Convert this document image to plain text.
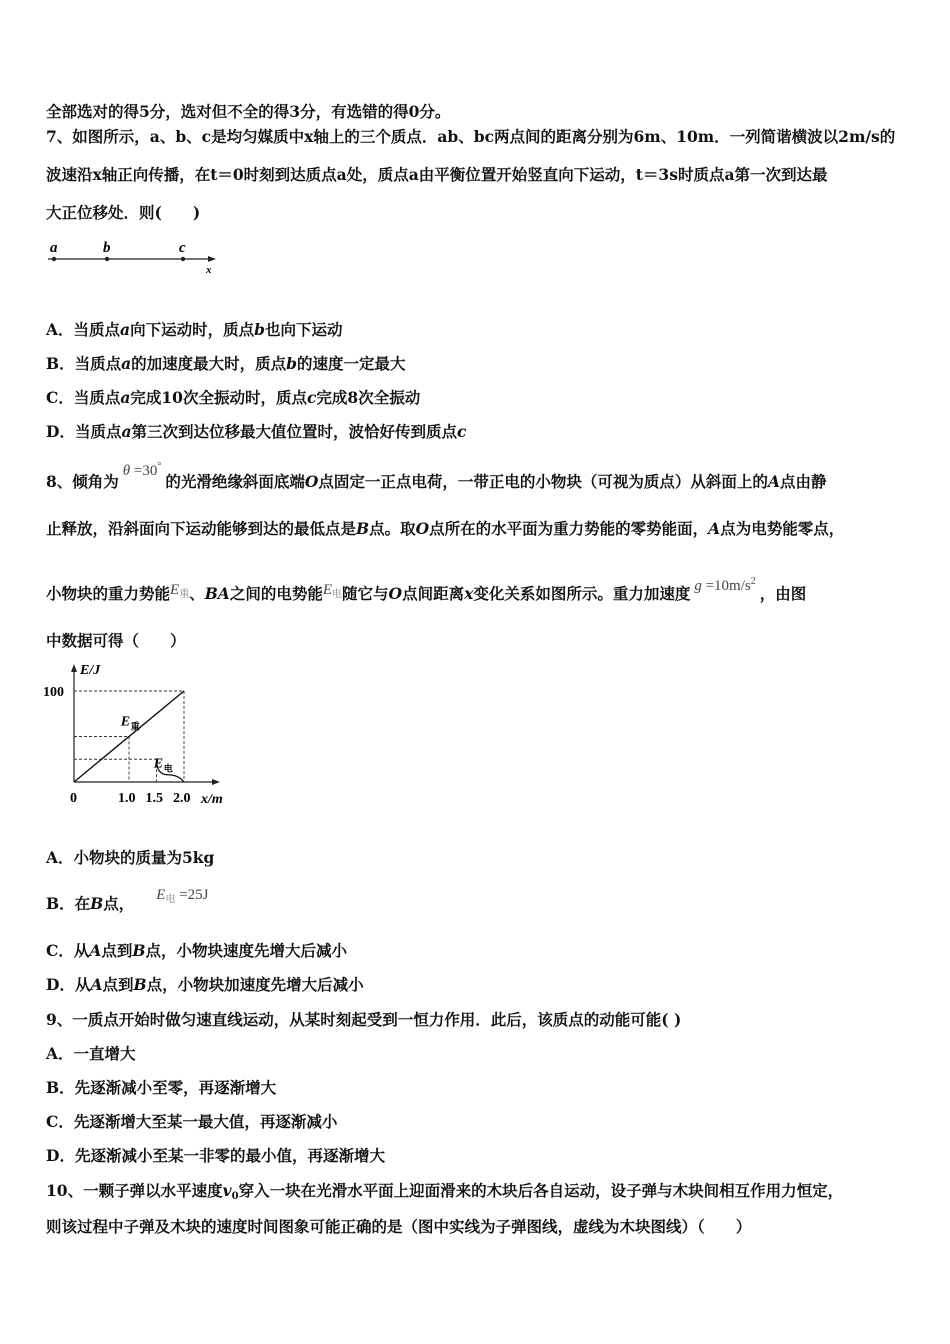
全部选对的得5分，选对但不全的得3分，有选错的得0分。
7、如图所示，a、b、c是均匀媒质中x轴上的三个质点．ab、bc两点间的距离分别为6m、10m．一列简谐横波以2m/s的
波速沿x轴正向传播，在t＝0时刻到达质点a处，质点a由平衡位置开始竖直向下运动，t＝3s时质点a第一次到达最
大正位移处．则(　　)
a	b	c
x
A．当质点a向下运动时，质点b也向下运动
B．当质点a的加速度最大时，质点b的速度一定最大
C．当质点a完成10次全振动时，质点c完成8次全振动
D．当质点a第三次到达位移最大值位置时，波恰好传到质点c
8、倾角为θ =30°的光滑绝缘斜面底端O点固定一正点电荷，一带正电的小物块（可视为质点）从斜面上的A点由静
止释放，沿斜面向下运动能够到达的最低点是B点。取O点所在的水平面为重力势能的零势能面，A点为电势能零点，
小物块的重力势能$E_重$、BA之间的电势能$E_电$随它与O点间距离x变化关系如图所示。重力加速度 $g =10m/s^2$，由图
中数据可得（　　）
E 重
E 电
E/J
x/m
100
0	1.0 1.5 2.0
A．小物块的质量为5kg
B．在B点， $E_电 =25J$
C．从A点到B点，小物块速度先增大后减小
D．从A点到B点，小物块加速度先增大后减小
9、一质点开始时做匀速直线运动，从某时刻起受到一恒力作用．此后，该质点的动能可能( )
A．一直增大
B．先逐渐减小至零，再逐渐增大
C．先逐渐增大至某一最大值，再逐渐减小
D．先逐渐减小至某一非零的最小值，再逐渐增大
10、一颗子弹以水平速度v0穿入一块在光滑水平面上迎面滑来的木块后各自运动，设子弹与木块间相互作用力恒定，
则该过程中子弹及木块的速度时间图象可能正确的是（图中实线为子弹图线，虚线为木块图线）（　　）
